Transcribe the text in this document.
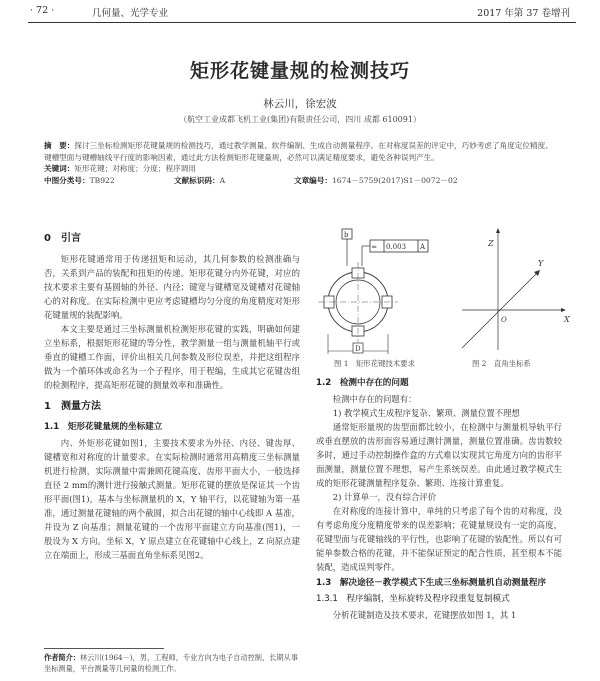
· 72 ·	几何量、光学专业	2017 年第 37 卷增刊
矩形花键量规的检测技巧
林云川，徐宏波
（航空工业成都飞机工业(集团)有限责任公司，四川 成都 610091）

摘　要：探讨三坐标检测矩形花键量规的检测技巧，通过教学测量、软件编制、生成自动测量程序。在对称度误差的评定中，巧妙考虑了角度定位精度、键槽型面与键槽轴线平行度的影响因素，通过此方法检测矩形花键量规，必然可以满足精度要求，避免各种误判产生。

关键词：矩形花键；对称度；分度；程序调用

中图分类号：TB922	文献标识码：A	文章编号：1674－5759(2017)S1－0072－02
0　引言

矩形花键通常用于传递扭矩和运动，其几何参数的检测准确与否，关系到产品的装配和扭矩的传递。矩形花键分内外花键，对应的技术要求主要有基圆轴的外径、内径；键宽与键槽宽及键槽对花键轴心的对称度。在实际检测中更应考虑键槽均匀分度的角度精度对矩形花键量规的装配影响。

本文主要是通过三坐标测量机检测矩形花键的实践，明确如何建立坐标系，根据矩形花键的等分性，教学测量一组与测量机轴平行或垂直的键槽工作面，评价出相关几何参数及形位误差，并把这组程序做为一个循环体或命名为一个子程序，用于程编，生成其它花键齿组的检测程序，提高矩形花键的测量效率和准确性。

1　测量方法
1.1　矩形花键量规的坐标建立

内、外矩形花键如图1，主要技术要求为外径、内径、键齿厚、键槽宽和对称度的计量要求。在实际检测时通常用高精度三坐标测量机进行检测，实际测量中需兼顾花键高度、齿形平面大小，一般选择直径 2 mm的测针进行接触式测量。矩形花键的摆放是保证其一个齿形平面(图1)，基本与坐标测量机的 X，Y 轴平行，以花键轴为第一基准，通过测量花键轴的两个截圆，拟合出花键的轴中心线即 A 基准，并设为 Z 向基准；测量花键的一个齿形平面建立方向基准(图1)，一般设为 X 方向。坐标 X，Y 原点建立在花键轴中心线上，Z 向原点建立在端面上，形成三基面直角坐标系见图2。

b
═ 0.003 A
D
Z
Y
X
O
图 1　矩形花键技术要求	图 2　直角坐标系
1.2　检测中存在的问题

检测中存在的问题有：

1) 教学模式生成程序复杂、繁琐、测量位置不理想

通常矩形量规的齿型面都比较小，在检测中与测量机导轨平行或垂直摆放的齿形面容易通过测针测量，测量位置准确。齿齿数较多时，通过手动控制操作盒的方式难以实现其它角度方向的齿形平面测量，测量位置不理想，易产生系统误差。由此通过教学模式生成的矩形花键测量程序复杂、繁琐、连接计算重复。

2) 计算单一，没有综合评价

在对称度的连接计算中，单纯的只考虑了每个齿的对称度，没有考虑角度分度精度带来的误差影响；花键量规设有一定的高度，花键型面与花键轴线的平行性，也影响了花键的装配性。所以有可能单参数合格的花键，并不能保证预定的配合性质，甚至根本不能装配，造成误判零件。

1.3　解决途径－教学模式下生成三坐标测量机自动测量程序
1.3.1　程序编制，坐标旋转及程序段重复复制模式

分析花键制造及技术要求，花键摆放如图 1，其 1

作者简介：林云川(1964－)，男，工程师，专业方向为电子自动控制，长期从事坐标测量，平台测量等几何量的检测工作。
